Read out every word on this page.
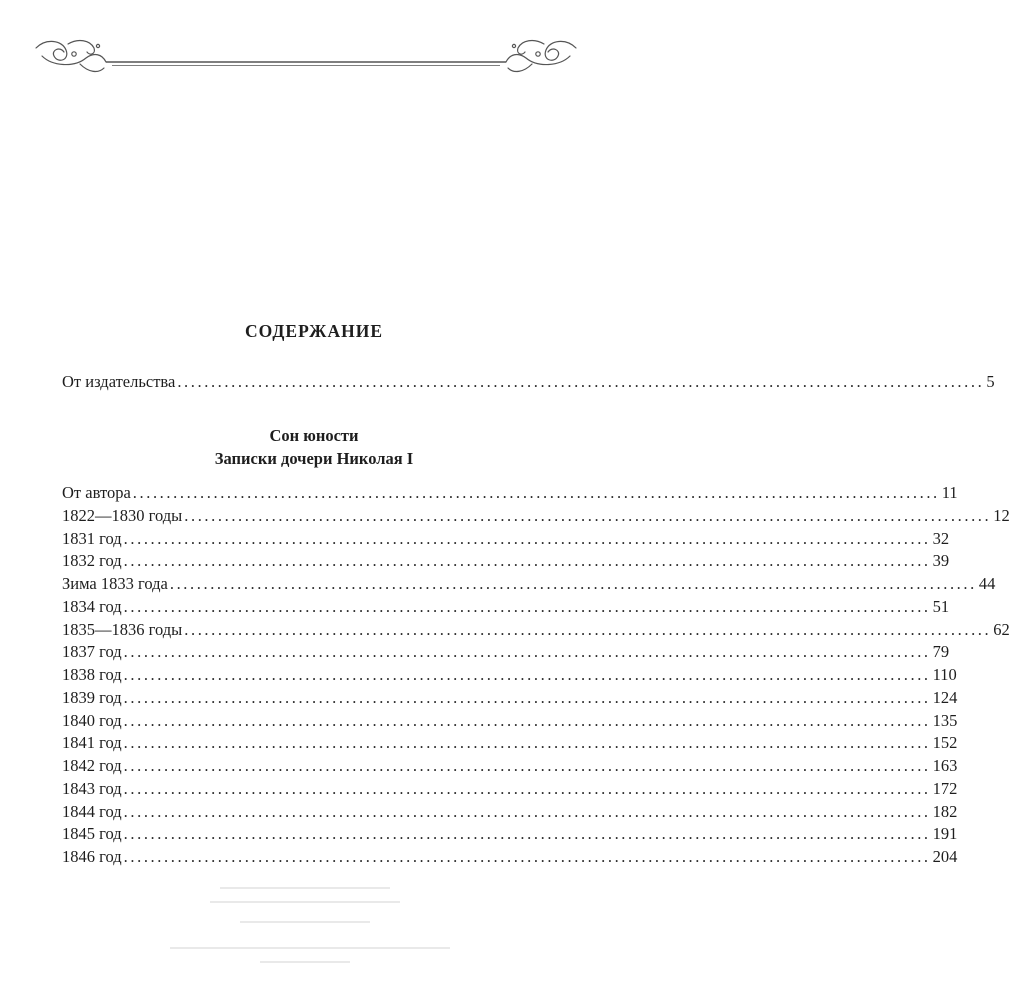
СОДЕРЖАНИЕ
От издательства ........................................................................................................................ 5
Сон юности
Записки дочери Николая I
От автора ........................................................................................................................ 11
1822—1830 годы ........................................................................................................................ 12
1831 год ........................................................................................................................ 32
1832 год ........................................................................................................................ 39
Зима 1833 года ........................................................................................................................ 44
1834 год ........................................................................................................................ 51
1835—1836 годы ........................................................................................................................ 62
1837 год ........................................................................................................................ 79
1838 год ........................................................................................................................ 110
1839 год ........................................................................................................................ 124
1840 год ........................................................................................................................ 135
1841 год ........................................................................................................................ 152
1842 год ........................................................................................................................ 163
1843 год ........................................................................................................................ 172
1844 год ........................................................................................................................ 182
1845 год ........................................................................................................................ 191
1846 год ........................................................................................................................ 204
